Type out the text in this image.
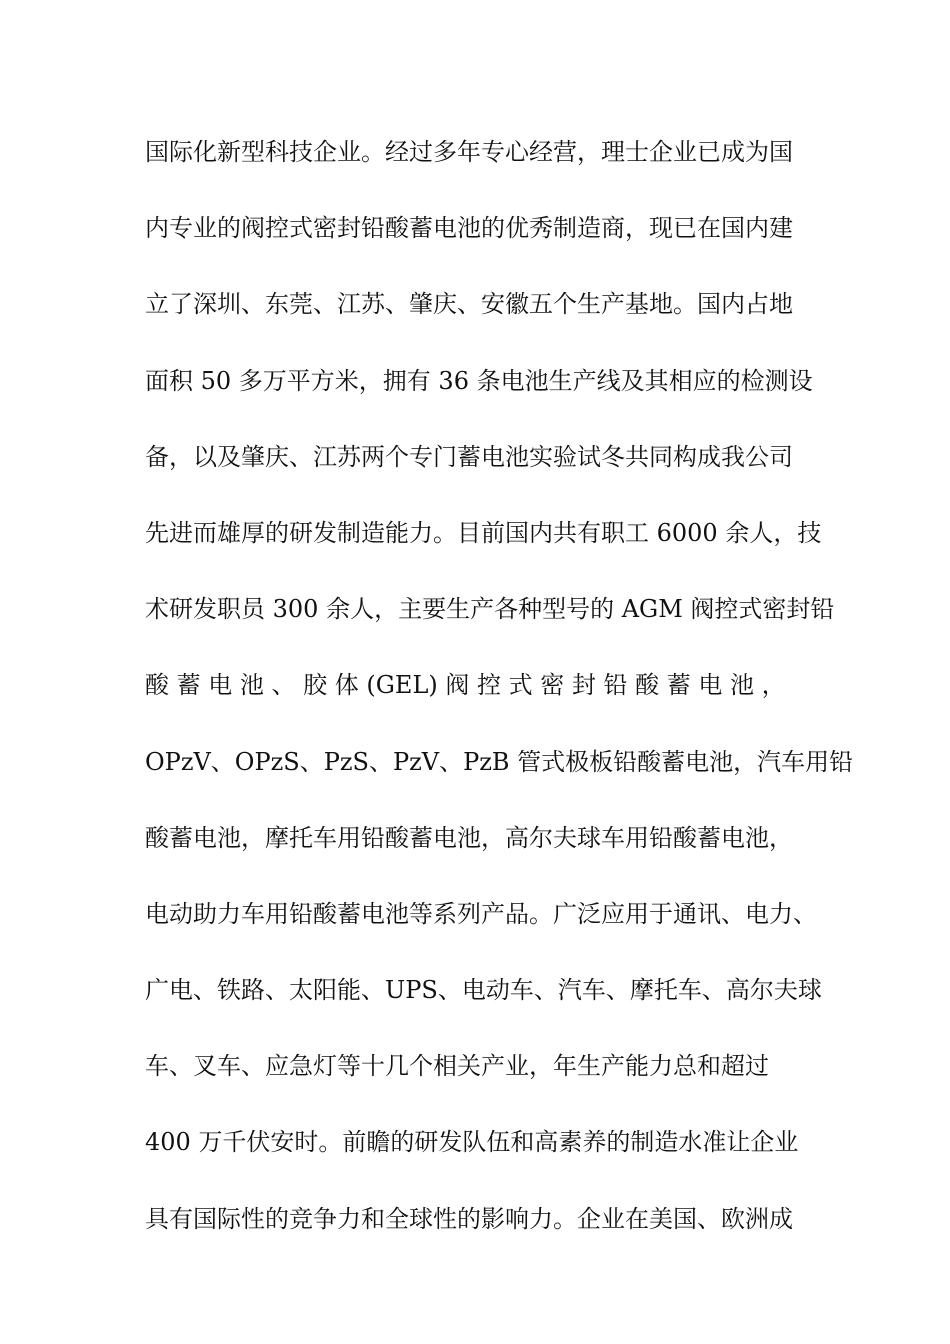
国际化新型科技企业。经过多年专心经营，理士企业已成为国
内专业的阀控式密封铅酸蓄电池的优秀制造商，现已在国内建
立了深圳、东莞、江苏、肇庆、安徽五个生产基地。国内占地
面积 50 多万平方米，拥有 36 条电池生产线及其相应的检测设
备，以及肇庆、江苏两个专门蓄电池实验试冬共同构成我公司
先进而雄厚的研发制造能力。目前国内共有职工 6000 余人，技
术研发职员 300 余人，主要生产各种型号的 AGM 阀控式密封铅
酸 蓄 电 池 、 胶 体 (GEL) 阀 控 式 密 封 铅 酸 蓄 电 池 ，
OPzV、OPzS、PzS、PzV、PzB 管式极板铅酸蓄电池，汽车用铅
酸蓄电池，摩托车用铅酸蓄电池，高尔夫球车用铅酸蓄电池，
电动助力车用铅酸蓄电池等系列产品。广泛应用于通讯、电力、
广电、铁路、太阳能、UPS、电动车、汽车、摩托车、高尔夫球
车、叉车、应急灯等十几个相关产业，年生产能力总和超过
400 万千伏安时。前瞻的研发队伍和高素养的制造水准让企业
具有国际性的竞争力和全球性的影响力。企业在美国、欧洲成
